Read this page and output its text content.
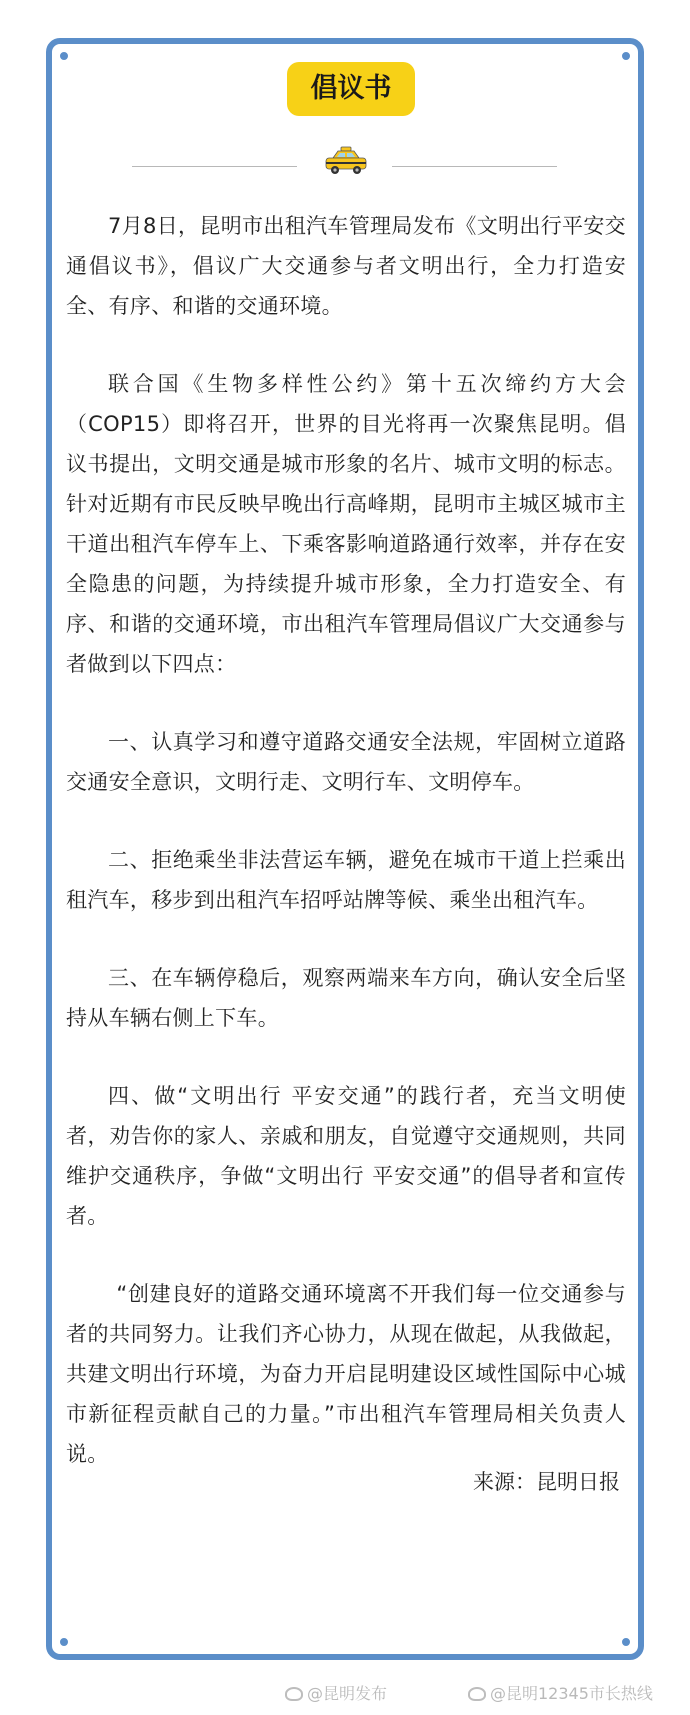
倡议书

7月8日，昆明市出租汽车管理局发布《文明出行平安交通倡议书》，倡议广大交通参与者文明出行，全力打造安全、有序、和谐的交通环境。

联合国《生物多样性公约》第十五次缔约方大会（COP15）即将召开，世界的目光将再一次聚焦昆明。倡议书提出，文明交通是城市形象的名片、城市文明的标志。针对近期有市民反映早晚出行高峰期，昆明市主城区城市主干道出租汽车停车上、下乘客影响道路通行效率，并存在安全隐患的问题，为持续提升城市形象，全力打造安全、有序、和谐的交通环境，市出租汽车管理局倡议广大交通参与者做到以下四点：

一、认真学习和遵守道路交通安全法规，牢固树立道路交通安全意识，文明行走、文明行车、文明停车。

二、拒绝乘坐非法营运车辆，避免在城市干道上拦乘出租汽车，移步到出租汽车招呼站牌等候、乘坐出租汽车。

三、在车辆停稳后，观察两端来车方向，确认安全后坚持从车辆右侧上下车。

四、做“文明出行 平安交通”的践行者，充当文明使者，劝告你的家人、亲戚和朋友，自觉遵守交通规则，共同维护交通秩序，争做“文明出行 平安交通”的倡导者和宣传者。

“创建良好的道路交通环境离不开我们每一位交通参与者的共同努力。让我们齐心协力，从现在做起，从我做起，共建文明出行环境，为奋力开启昆明建设区域性国际中心城市新征程贡献自己的力量。”市出租汽车管理局相关负责人说。

来源：昆明日报
@昆明发布	@昆明12345市长热线
